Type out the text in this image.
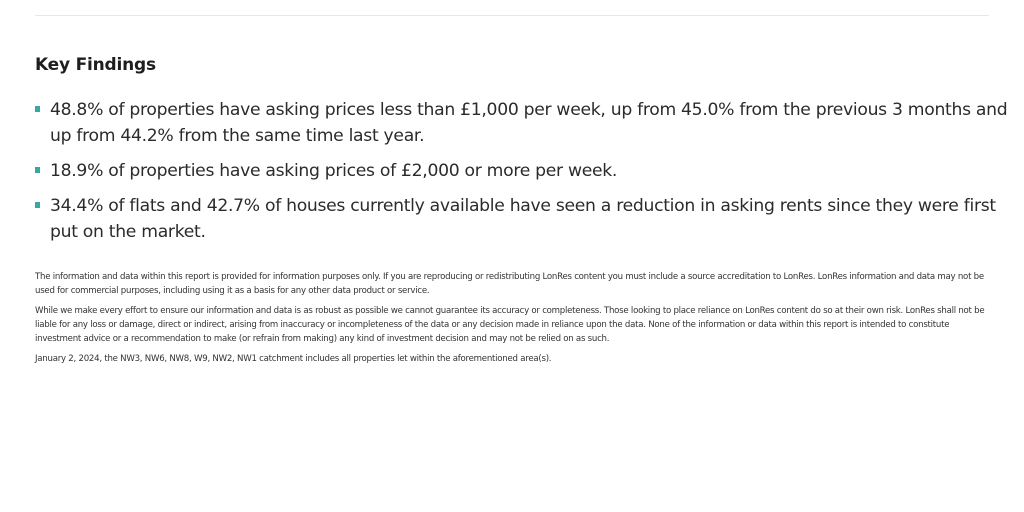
Key Findings
48.8% of properties have asking prices less than £1,000 per week, up from 45.0% from the previous 3 months and up from 44.2% from the same time last year.
18.9% of properties have asking prices of £2,000 or more per week.
34.4% of flats and 42.7% of houses currently available have seen a reduction in asking rents since they were first put on the market.

The information and data within this report is provided for information purposes only. If you are reproducing or redistributing LonRes content you must include a source accreditation to LonRes. LonRes information and data may not be used for commercial purposes, including using it as a basis for any other data product or service.

While we make every effort to ensure our information and data is as robust as possible we cannot guarantee its accuracy or completeness. Those looking to place reliance on LonRes content do so at their own risk. LonRes shall not be liable for any loss or damage, direct or indirect, arising from inaccuracy or incompleteness of the data or any decision made in reliance upon the data. None of the information or data within this report is intended to constitute investment advice or a recommendation to make (or refrain from making) any kind of investment decision and may not be relied on as such.

January 2, 2024, the NW3, NW6, NW8, W9, NW2, NW1 catchment includes all properties let within the aforementioned area(s).
